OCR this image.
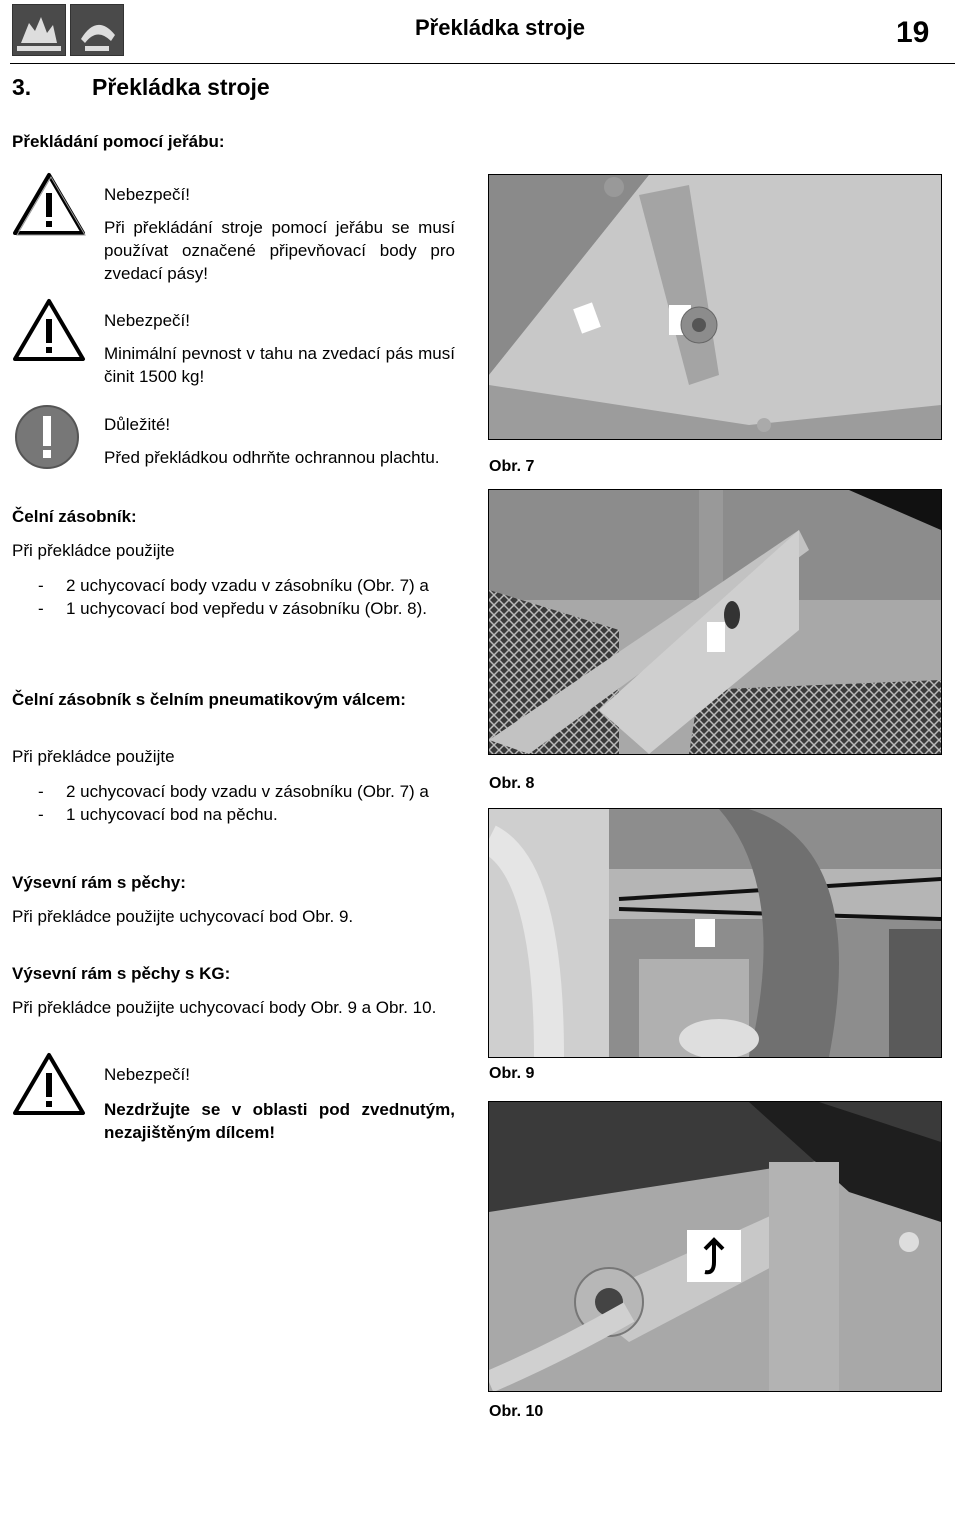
Překládka stroje	19
3.	Překládka stroje
Překládání pomocí jeřábu:
Nebezpečí!
Při překládání stroje pomocí jeřábu se musí používat označené připevňovací body pro zvedací pásy!
Nebezpečí!
Minimální pevnost v tahu na zvedací pás musí činit 1500 kg!
Důležité!
Před překládkou odhrňte ochrannou plachtu.
Čelní zásobník:
Při překládce použijte
-
2 uchycovací body vzadu v zásobníku (Obr. 7) a
- 1 uchycovací bod vepředu v zásobníku (Obr. 8).
Čelní zásobník s čelním pneumatikovým válcem:
Při překládce použijte
- 2 uchycovací body vzadu v zásobníku (Obr. 7) a
- 1 uchycovací bod na pěchu.
Výsevní rám s pěchy:
Při překládce použijte uchycovací bod Obr. 9.
Výsevní rám s pěchy s KG:
Při překládce použijte uchycovací body Obr. 9 a Obr. 10.
Nebezpečí!
Nezdržujte se v oblasti pod zvednutým, nezajištěným dílcem!
Obr. 7
Obr. 8
Obr. 9
Obr. 10
